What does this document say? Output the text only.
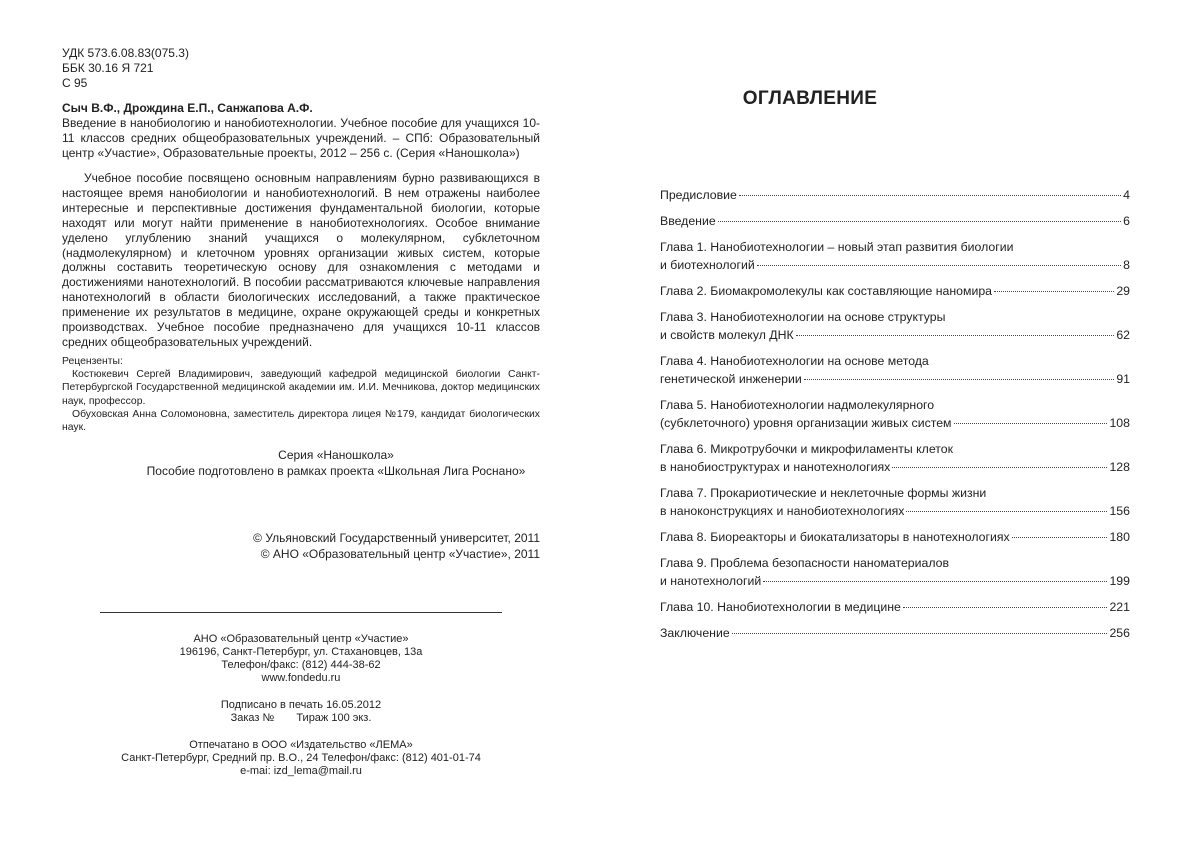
УДК 573.6.08.83(075.3)
ББК 30.16 Я 721
С 95
Сыч В.Ф., Дрождина Е.П., Санжапова А.Ф.
Введение в нанобиологию и нанобиотехнологии. Учебное пособие для учащихся 10-11 классов средних общеобразовательных учреждений. – СПб: Образовательный центр «Участие», Образовательные проекты, 2012 – 256 с. (Серия «Наношкола»)

Учебное пособие посвящено основным направлениям бурно развивающихся в настоящее время нанобиологии и нанобиотехнологий. В нем отражены наиболее интересные и перспективные достижения фундаментальной биологии, которые находят или могут найти применение в нанобиотехнологиях. Особое внимание уделено углублению знаний учащихся о молекулярном, субклеточном (надмолекулярном) и клеточном уровнях организации живых систем, которые должны составить теоретическую основу для ознакомления с методами и достижениями нанотехнологий. В пособии рассматриваются ключевые направления нанотехнологий в области биологических исследований, а также практическое применение их результатов в медицине, охране окружающей среды и конкретных производствах. Учебное пособие предназначено для учащихся 10-11 классов средних общеобразовательных учреждений.

Рецензенты:

Костюкевич Сергей Владимирович, заведующий кафедрой медицинской биологии Санкт-Петербургской Государственной медицинской академии им. И.И. Мечникова, доктор медицинских наук, профессор.

Обуховская Анна Соломоновна, заместитель директора лицея №179, кандидат биологических наук.

Серия «Наношкола»
Пособие подготовлено в рамках проекта «Школьная Лига Роснано»
© Ульяновский Государственный университет, 2011
© АНО «Образовательный центр «Участие», 2011
АНО «Образовательный центр «Участие»
196196, Санкт-Петербург, ул. Стахановцев, 13а
Телефон/факс: (812) 444-38-62
www.fondedu.ru
Подписано в печать 16.05.2012
Заказ № Тираж 100 экз.
Отпечатано в ООО «Издательство «ЛЕМА»
Санкт-Петербург, Средний пр. В.О., 24 Телефон/факс: (812) 401-01-74
e-mai: izd_lema@mail.ru
ОГЛАВЛЕНИЕ
Предисловие	4
Введение	6
Глава 1. Нанобиотехнологии – новый этап развития биологии
и биотехнологий	8
Глава 2. Биомакромолекулы как составляющие наномира	29
Глава 3. Нанобиотехнологии на основе структуры
и свойств молекул ДНК	62
Глава 4. Нанобиотехнологии на основе метода
генетической инженерии	91
Глава 5. Нанобиотехнологии надмолекулярного
(субклеточного) уровня организации живых систем	108
Глава 6. Микротрубочки и микрофиламенты клеток
в нанобиоструктурах и нанотехнологиях	128
Глава 7. Прокариотические и неклеточные формы жизни
в наноконструкциях и нанобиотехнологиях	156
Глава 8. Биореакторы и биокатализаторы в нанотехнологиях	180
Глава 9. Проблема безопасности наноматериалов
и нанотехнологий	199
Глава 10. Нанобиотехнологии в медицине	221
Заключение	256
